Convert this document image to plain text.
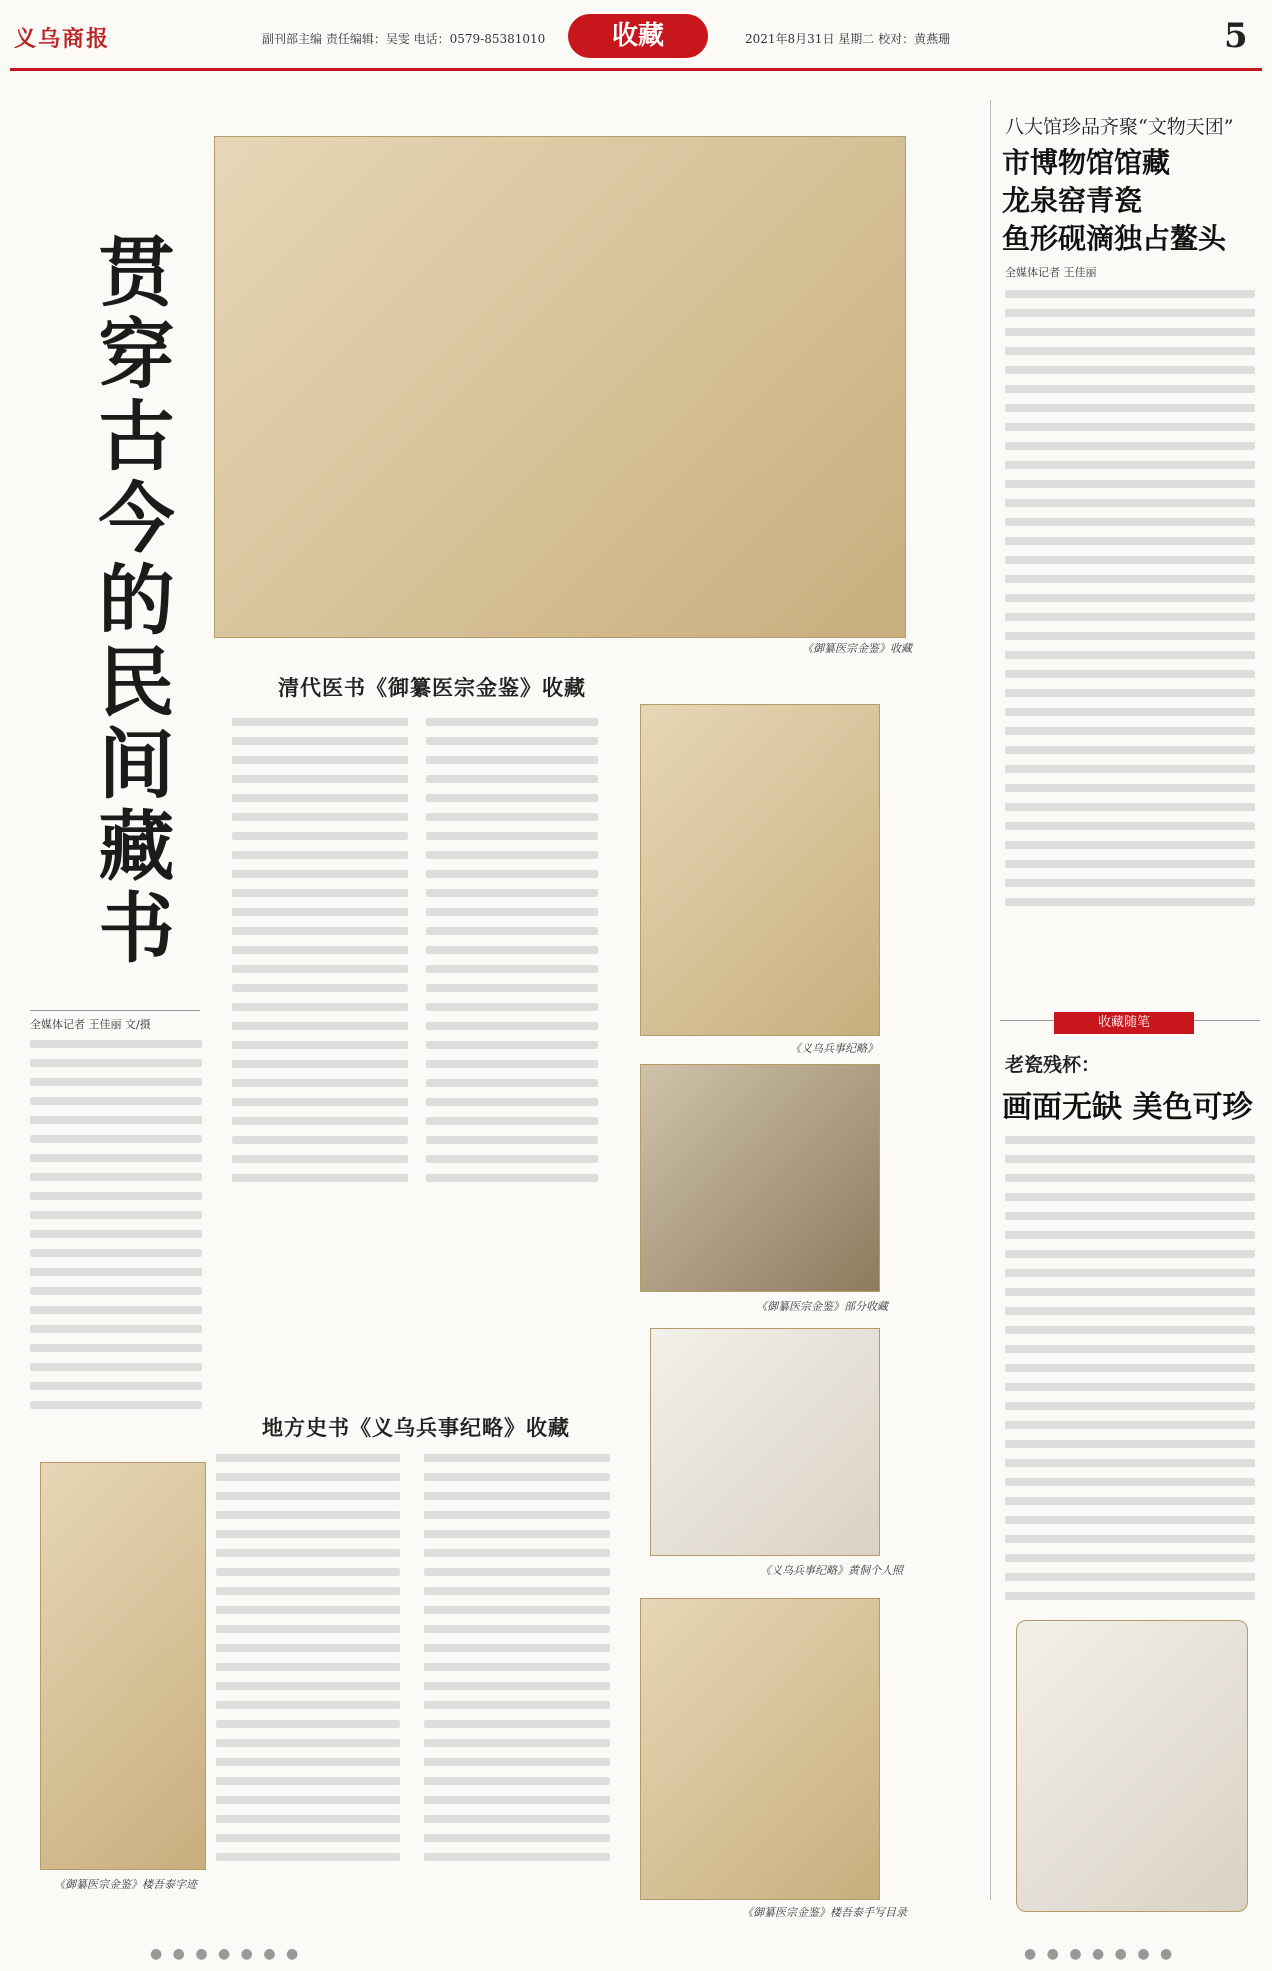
义乌商报	副刊部主编 责任编辑：吴雯 电话：0579-85381010	收藏	2021年8月31日 星期二 校对：黄燕珊	5
贯穿古今的民间藏书
全媒体记者 王佳丽 文/摄
《御纂医宗金鉴》收藏
清代医书《御纂医宗金鉴》收藏
《义乌兵事纪略》
《御纂医宗金鉴》部分收藏
《义乌兵事纪略》黄侗个人照
《御纂医宗金鉴》楼吾泰手写目录
地方史书《义乌兵事纪略》收藏
《御纂医宗金鉴》楼吾泰字迹
八大馆珍品齐聚“文物天团”
市博物馆馆藏
龙泉窑青瓷
鱼形砚滴独占鳌头
全媒体记者 王佳丽
收藏随笔
老瓷残杯：
画面无缺 美色可珍
● ● ● ● ● ● ●	● ● ● ● ● ● ●
